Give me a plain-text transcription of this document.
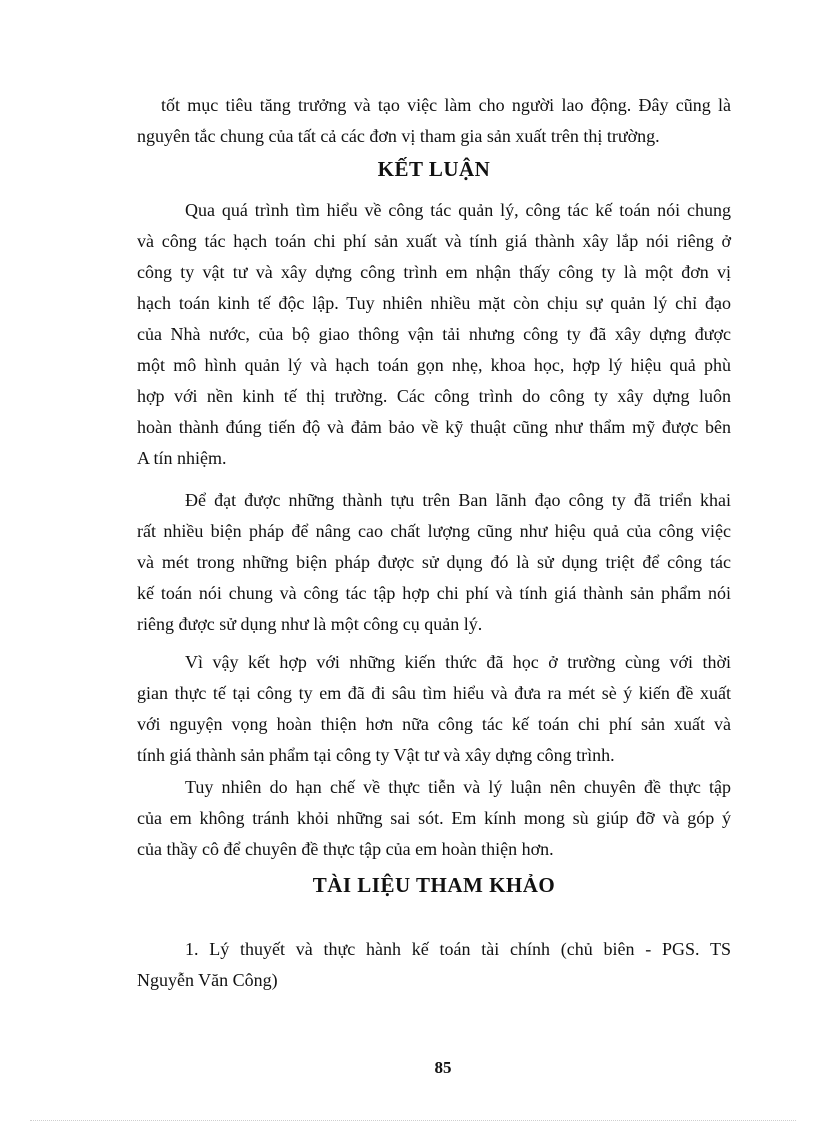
tốt mục tiêu tăng trưởng và tạo việc làm cho người lao động. Đây cũng là
nguyên tắc chung của tất cả các đơn vị tham gia sản xuất trên thị trường.
KẾT LUẬN
Qua quá trình tìm hiểu về công tác quản lý, công tác kế toán nói chung
và công tác hạch toán chi phí sản xuất và tính giá thành xây lắp nói riêng ở
công ty vật tư và xây dựng công trình em nhận thấy công ty là một đơn vị
hạch toán kinh tế độc lập. Tuy nhiên nhiều mặt còn chịu sự quản lý chỉ đạo
của Nhà nước, của bộ giao thông vận tải nhưng công ty đã xây dựng được
một mô hình quản lý và hạch toán gọn nhẹ, khoa học, hợp lý hiệu quả phù
hợp với nền kinh tế thị trường. Các công trình do công ty xây dựng luôn
hoàn thành đúng tiến độ và đảm bảo về kỹ thuật cũng như thẩm mỹ được bên
A tín nhiệm.
Để đạt được những thành tựu trên Ban lãnh đạo công ty đã triển khai
rất nhiều biện pháp để nâng cao chất lượng cũng như hiệu quả của công việc
và mét trong những biện pháp được sử dụng đó là sử dụng triệt để công tác
kế toán nói chung và công tác tập hợp chi phí và tính giá thành sản phẩm nói
riêng được sử dụng như là một công cụ quản lý.
Vì vậy kết hợp với những kiến thức đã học ở trường cùng với thời
gian thực tế tại công ty em đã đi sâu tìm hiểu và đưa ra mét sè ý kiến đề xuất
với nguyện vọng hoàn thiện hơn nữa công tác kế toán chi phí sản xuất và
tính giá thành sản phẩm tại công ty Vật tư và xây dựng công trình.
Tuy nhiên do hạn chế về thực tiễn và lý luận nên chuyên đề thực tập
của em không tránh khỏi những sai sót. Em kính mong sù giúp đỡ và góp ý
của thầy cô để chuyên đề thực tập của em hoàn thiện hơn.
TÀI LIỆU THAM KHẢO
1. Lý thuyết và thực hành kế toán tài chính (chủ biên - PGS. TS
Nguyễn Văn Công)
85
